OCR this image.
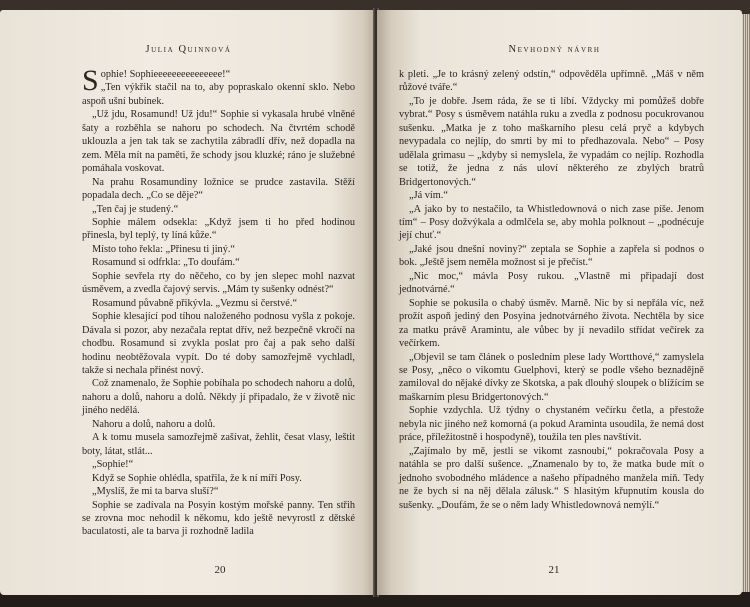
Julia Quinnová

Sophie! Sophieeeeeeeeeeeeeee!“

„Ten výkřik stačil na to, aby popraskalo okenní sklo. Nebo aspoň ušní bubínek.

„Už jdu, Rosamund! Už jdu!“ Sophie si vykasala hrubé vlněné šaty a rozběhla se nahoru po schodech. Na čtvrtém schodě uklouzla a jen tak tak se zachytila zábradlí dřív, než dopadla na zem. Měla mít na paměti, že schody jsou kluzké; ráno je služebné pomáhala voskovat.

Na prahu Rosamundiny ložnice se prudce zastavila. Stěží popadala dech. „Co se děje?“

„Ten čaj je studený.“

Sophie málem odsekla: „Když jsem ti ho před hodinou přinesla, byl teplý, ty líná kůže.“

Místo toho řekla: „Přinesu ti jiný.“

Rosamund si odfrkla: „To doufám.“

Sophie sevřela rty do něčeho, co by jen slepec mohl nazvat úsměvem, a zvedla čajový servis. „Mám ty sušenky odnést?“

Rosamund půvabně přikývla. „Vezmu si čerstvé.“

Sophie klesající pod tíhou naloženého podnosu vyšla z pokoje. Dávala si pozor, aby nezačala reptat dřív, než bezpečně vkročí na chodbu. Rosamund si zvykla poslat pro čaj a pak seho další hodinu neobtěžovala vypít. Do té doby samozřejmě vychladl, takže si nechala přinést nový.

Což znamenalo, že Sophie pobíhala po schodech nahoru a dolů, nahoru a dolů, nahoru a dolů. Někdy jí připadalo, že v životě nic jiného nedělá.

Nahoru a dolů, nahoru a dolů.

A k tomu musela samozřejmě zašívat, žehlit, česat vlasy, leštit boty, látat, stlát...

„Sophie!“

Když se Sophie ohlédla, spatřila, že k ní míří Posy.

„Myslíš, že mi ta barva sluší?“

Sophie se zadívala na Posyin kostým mořské panny. Ten střih se zrovna moc nehodil k někomu, kdo ještě nevyrostl z dětské baculatosti, ale ta barva ji rozhodně ladila

20
Nevhodný návrh

k pleti. „Je to krásný zelený odstín,“ odpověděla upřímně. „Máš v něm růžové tváře.“

„To je dobře. Jsem ráda, že se ti líbí. Vždycky mi pomůžeš dobře vybrat.“ Posy s úsměvem natáhla ruku a zvedla z podnosu pocukrovanou sušenku. „Matka je z toho maškarního plesu celá pryč a kdybych nevypadala co nejlíp, do smrti by mi to předhazovala. Nebo“ – Posy udělala grimasu – „kdyby si nemyslela, že vypadám co nejlíp. Rozhodla se totiž, že jedna z nás uloví některého ze zbylých bratrů Bridgertonových.“

„Já vím.“

„A jako by to nestačilo, ta Whistledownová o nich zase píše. Jenom tím“ – Posy dožvýkala a odmlčela se, aby mohla polknout – „podnécuje její chuť.“

„Jaké jsou dnešní noviny?“ zeptala se Sophie a zapřela si podnos o bok. „Ještě jsem neměla možnost si je přečíst.“

„Nic moc,“ mávla Posy rukou. „Vlastně mi připadají dost jednotvárné.“

Sophie se pokusila o chabý úsměv. Marně. Nic by si nepřála víc, než prožít aspoň jediný den Posyina jednotvárného života. Nechtěla by sice za matku právě Aramintu, ale vůbec by jí nevadilo střídat večírek za večírkem.

„Objevil se tam článek o posledním plese lady Wortthové,“ zamyslela se Posy, „něco o vikomtu Guelphovi, který se podle všeho beznadějně zamiloval do nějaké dívky ze Skotska, a pak dlouhý sloupek o blížícím se maškarním plesu Bridgertonových.“

Sophie vzdychla. Už týdny o chystaném večírku četla, a přestože nebyla nic jiného než komorná (a pokud Araminta usoudila, že nemá dost práce, příležitostně i hospodyně), toužila ten ples navštívit.

„Zajímalo by mě, jestli se vikomt zasnoubí,“ pokračovala Posy a natáhla se pro další sušence. „Znamenalo by to, že matka bude mít o jednoho svobodného mládence a našeho případného manžela míň. Tedy ne že bych si na něj dělala zálusk.“ S hlasitým křupnutím kousla do sušenky. „Doufám, že se o něm lady Whistledownová nemýlí.“

21
